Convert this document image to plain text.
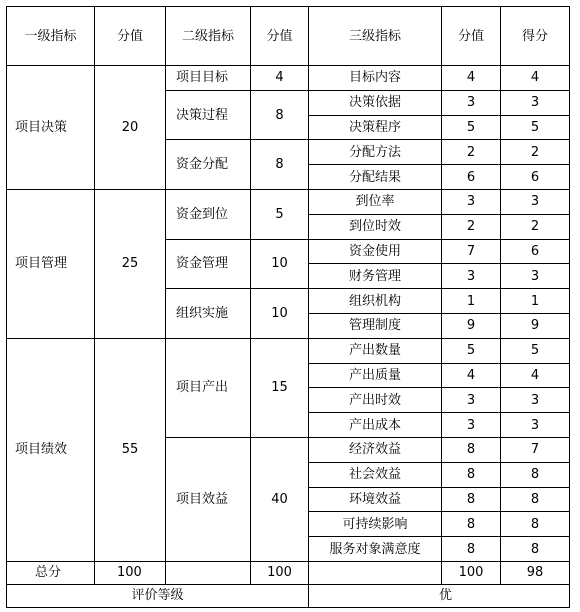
一级指标	分值	二级指标	分值	三级指标	分值	得分
项目决策	20	项目目标	4	目标内容	4	4
		决策过程	8	决策依据	3	3
				决策程序	5	5
		资金分配	8	分配方法	2	2
				分配结果	6	6
项目管理	25	资金到位	5	到位率	3	3
				到位时效	2	2
		资金管理	10	资金使用	7	6
				财务管理	3	3
		组织实施	10	组织机构	1	1
				管理制度	9	9
项目绩效	55	项目产出	15	产出数量	5	5
				产出质量	4	4
				产出时效	3	3
				产出成本	3	3
		项目效益	40	经济效益	8	7
				社会效益	8	8
				环境效益	8	8
				可持续影响	8	8
				服务对象满意度	8	8
总分	100		100		100	98
评价等级				优		
